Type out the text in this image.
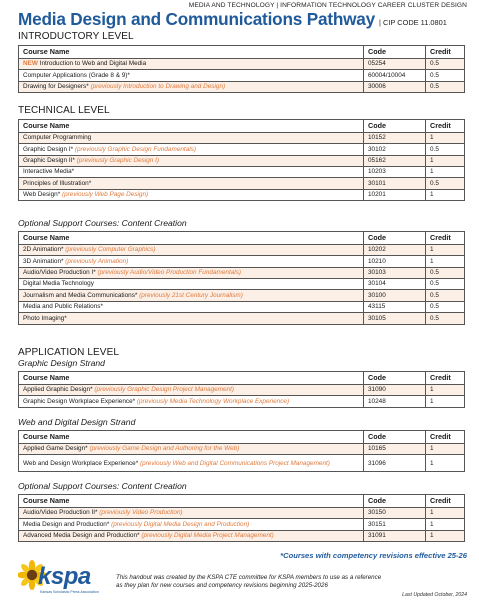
MEDIA AND TECHNOLOGY | INFORMATION TECHNOLOGY CAREER CLUSTER DESIGN
Media Design and Communications Pathway | CIP CODE 11.0801
INTRODUCTORY LEVEL
Course Name	Code	Credit
NEW Introduction to Web and Digital Media	05254	0.5
Computer Applications (Grade 8 & 9)*	60004/10004	0.5
Drawing for Designers* (previously Introduction to Drawing and Design)	30006	0.5
TECHNICAL LEVEL
Course Name	Code	Credit
Computer Programming	10152	1
Graphic Design I* (previously Graphic Design Fundamentals)	30102	0.5
Graphic Design II* (previously Graphic Design I)	05162	1
Interactive Media*	10203	1
Principles of Illustration*	30101	0.5
Web Design* (previously Web Page Design)	10201	1
Optional Support Courses: Content Creation
Course Name	Code	Credit
2D Animation* (previously Computer Graphics)	10202	1
3D Animation* (previously Animation)	10210	1
Audio/Video Production I* (previously Audio/Video Production Fundamentals)	30103	0.5
Digital Media Technology	30104	0.5
Journalism and Media Communications* (previously 21st Century Journalism)	30100	0.5
Media and Public Relations*	43115	0.5
Photo Imaging*	30105	0.5
APPLICATION LEVEL
Graphic Design Strand
Course Name	Code	Credit
Applied Graphic Design* (previously Graphic Design Project Management)	31090	1
Graphic Design Workplace Experience* (previously Media Technology Workplace Experience)	10248	1
Web and Digital Design Strand
Course Name	Code	Credit
Applied Game Design* (previously Game Design and Authoring for the Web)	10165	1
Web and Design Workplace Experience* (previously Web and Digital Communications Project Management)	31096	1
Optional Support Courses: Content Creation
Course Name	Code	Credit
Audio/Video Production II* (previously Video Production)	30150	1
Media Design and Production* (previously Digital Media Design and Production)	30151	1
Advanced Media Design and Production* (previously Digital Media Project Management)	31091	1
*Courses with competency revisions effective 25-26
kspa
Kansas Scholastic Press Association
This handout was created by the KSPA CTE committee for KSPA members to use as a reference as they plan for new courses and competency revisions beginning 2025-2026
Last Updated October, 2024
